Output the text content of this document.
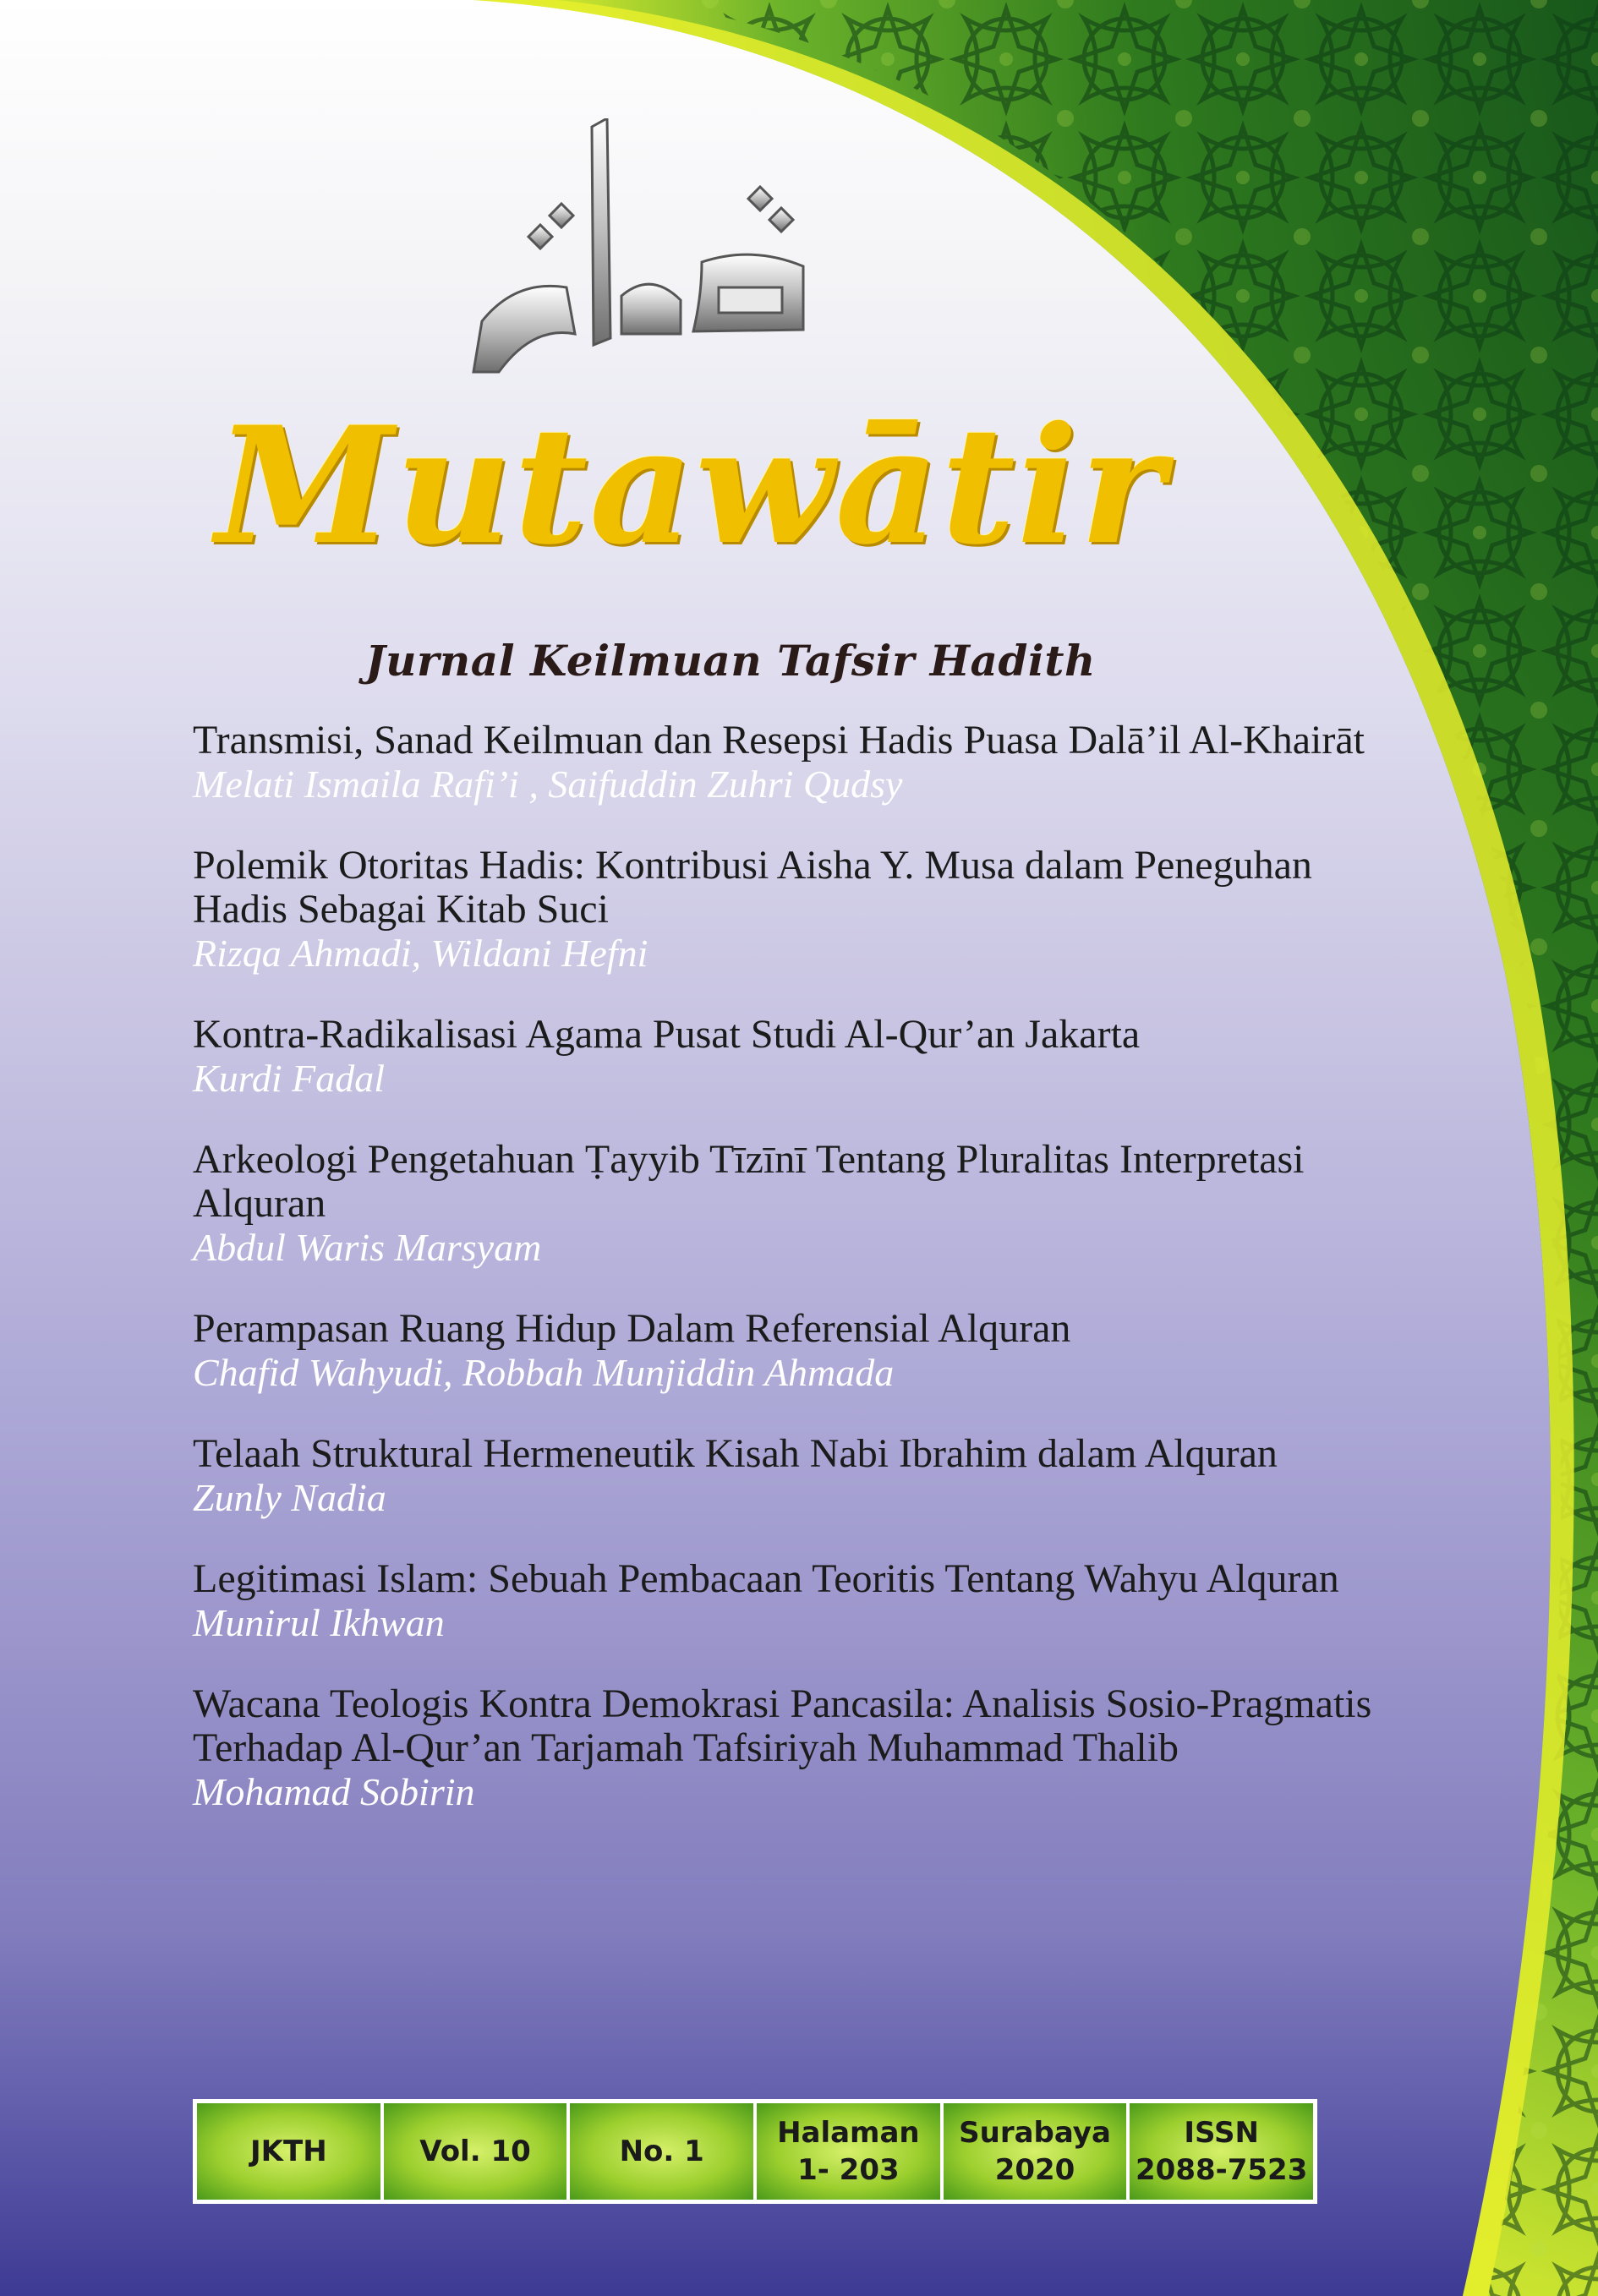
Mutawātir
Jurnal Keilmuan Tafsir Hadith
Transmisi, Sanad Keilmuan dan Resepsi Hadis Puasa Dalā’il Al-Khairāt
Melati Ismaila Rafi’i , Saifuddin Zuhri Qudsy
Polemik Otoritas Hadis: Kontribusi Aisha Y. Musa dalam Peneguhan Hadis Sebagai Kitab Suci
Rizqa Ahmadi, Wildani Hefni
Kontra-Radikalisasi Agama Pusat Studi Al-Qur’an Jakarta
Kurdi Fadal
Arkeologi Pengetahuan Ṭayyib Tīzīnī Tentang Pluralitas Interpretasi Alquran
Abdul Waris Marsyam
Perampasan Ruang Hidup Dalam Referensial Alquran
Chafid Wahyudi, Robbah Munjiddin Ahmada
Telaah Struktural Hermeneutik Kisah Nabi Ibrahim dalam Alquran
Zunly Nadia
Legitimasi Islam: Sebuah Pembacaan Teoritis Tentang Wahyu Alquran
Munirul Ikhwan
Wacana Teologis Kontra Demokrasi Pancasila: Analisis Sosio-Pragmatis Terhadap Al-Qur’an Tarjamah Tafsiriyah Muhammad Thalib
Mohamad Sobirin
JKTH	Vol. 10	No. 1
Halaman
1- 203
Surabaya
2020
ISSN
2088-7523
